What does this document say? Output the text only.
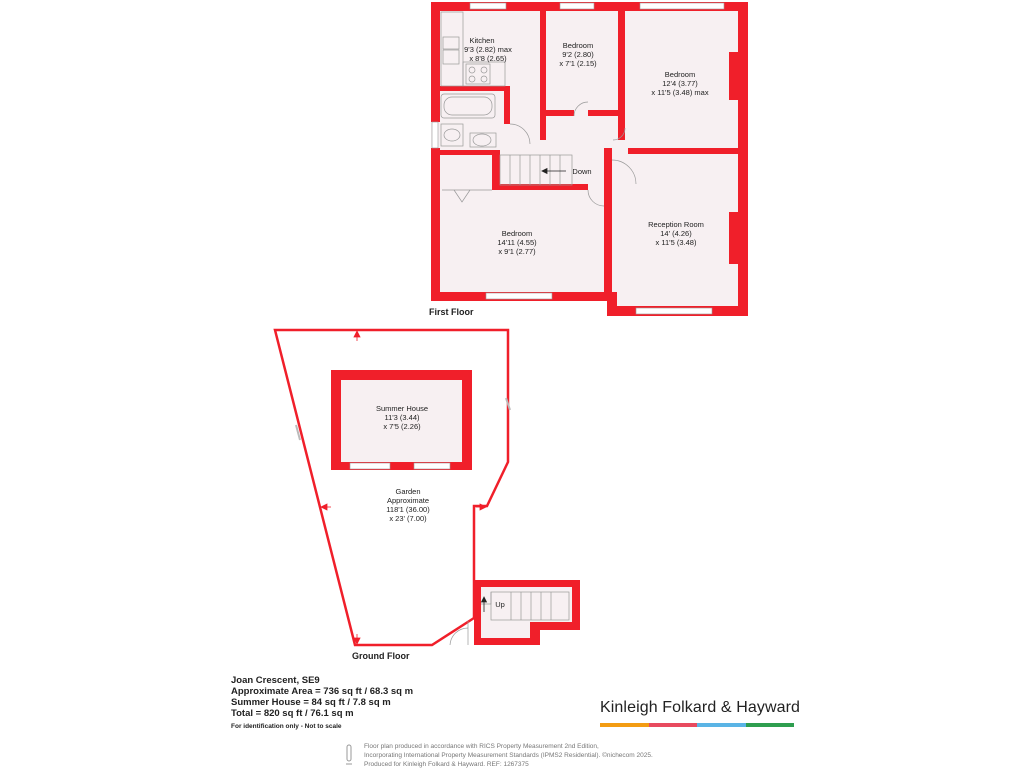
Kitchen
9'3 (2.82) max
x 8'8 (2.65)
Bedroom
9'2 (2.80)
x 7'1 (2.15)
Bedroom
12'4 (3.77)
x 11'5 (3.48) max
Bedroom
14'11 (4.55)
x 9'1 (2.77)
Reception Room
14' (4.26)
x 11'5 (3.48)
Down
First Floor
Summer House
11'3 (3.44)
x 7'5 (2.26)
Garden
Approximate
118'1 (36.00)
x 23' (7.00)
Up
Ground Floor
Joan Crescent, SE9
Approximate Area = 736 sq ft / 68.3 sq m
Summer House = 84 sq ft / 7.8 sq m
Total = 820 sq ft / 76.1 sq m
For identification only - Not to scale
Kinleigh Folkard & Hayward
Floor plan produced in accordance with RICS Property Measurement 2nd Edition,
Incorporating International Property Measurement Standards (IPMS2 Residential). ©nichecom 2025.
Produced for Kinleigh Folkard & Hayward. REF: 1267375
